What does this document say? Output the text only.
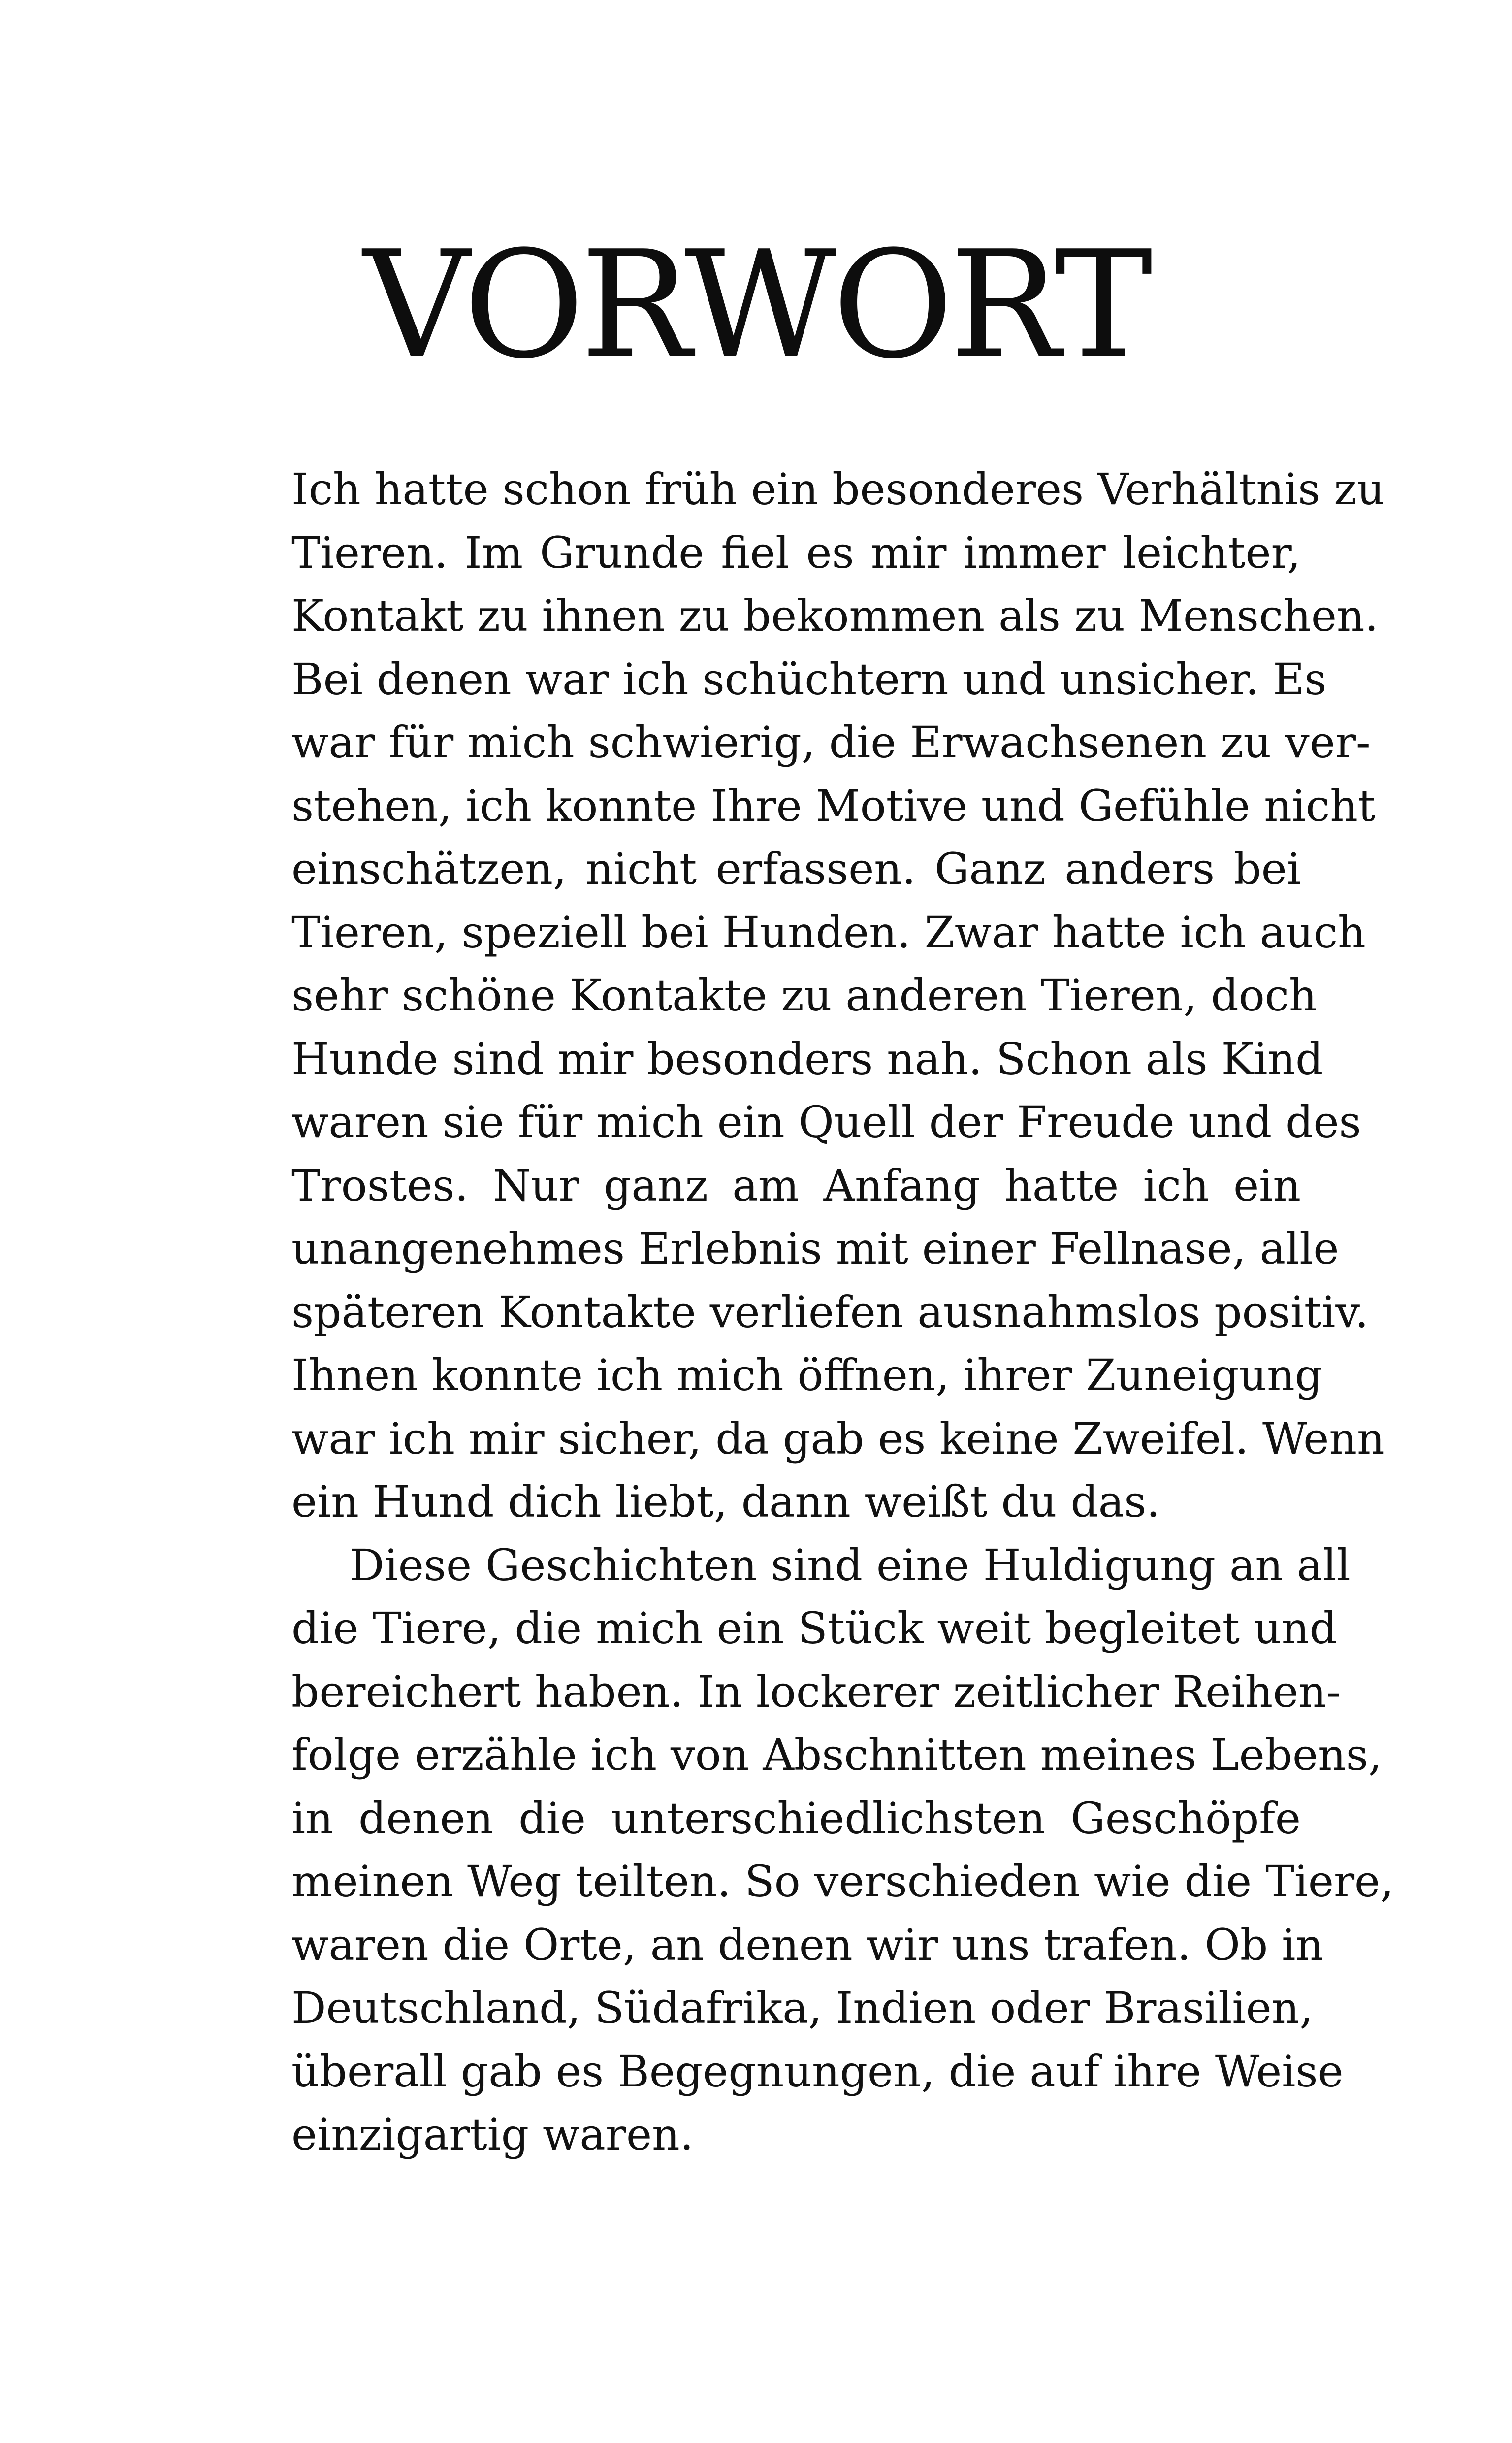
VORWORT
Ich hatte schon früh ein besonderes Verhältnis zu
Tieren. Im Grunde fiel es mir immer leichter,
Kontakt zu ihnen zu bekommen als zu Menschen.
Bei denen war ich schüchtern und unsicher. Es
war für mich schwierig, die Erwachsenen zu ver-
stehen, ich konnte Ihre Motive und Gefühle nicht
einschätzen, nicht erfassen. Ganz anders bei
Tieren, speziell bei Hunden. Zwar hatte ich auch
sehr schöne Kontakte zu anderen Tieren, doch
Hunde sind mir besonders nah. Schon als Kind
waren sie für mich ein Quell der Freude und des
Trostes. Nur ganz am Anfang hatte ich ein
unangenehmes Erlebnis mit einer Fellnase, alle
späteren Kontakte verliefen ausnahmslos positiv.
Ihnen konnte ich mich öffnen, ihrer Zuneigung
war ich mir sicher, da gab es keine Zweifel. Wenn
ein Hund dich liebt, dann weißt du das.
Diese Geschichten sind eine Huldigung an all
die Tiere, die mich ein Stück weit begleitet und
bereichert haben. In lockerer zeitlicher Reihen-
folge erzähle ich von Abschnitten meines Lebens,
in denen die unterschiedlichsten Geschöpfe
meinen Weg teilten. So verschieden wie die Tiere,
waren die Orte, an denen wir uns trafen. Ob in
Deutschland, Südafrika, Indien oder Brasilien,
überall gab es Begegnungen, die auf ihre Weise
einzigartig waren.
